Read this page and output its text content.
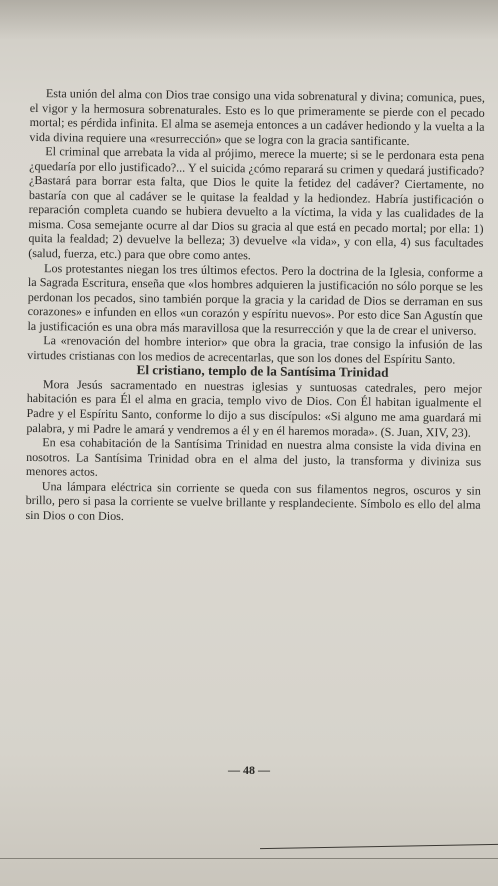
Esta unión del alma con Dios trae consigo una vida sobrenatural y divina; comunica, pues, el vigor y la hermosura sobrenaturales. Esto es lo que primeramente se pierde con el pecado mortal; es pérdida infinita. El alma se asemeja entonces a un cadáver hediondo y la vuelta a la vida divina requiere una «resurrección» que se logra con la gracia santificante.

El criminal que arrebata la vida al prójimo, merece la muerte; si se le perdonara esta pena ¿quedaría por ello justificado?... Y el suicida ¿cómo reparará su crimen y quedará justificado? ¿Bastará para borrar esta falta, que Dios le quite la fetidez del cadáver? Ciertamente, no bastaría con que al cadáver se le quitase la fealdad y la hediondez. Habría justificación o reparación completa cuando se hubiera devuelto a la víctima, la vida y las cualidades de la misma. Cosa semejante ocurre al dar Dios su gracia al que está en pecado mortal; por ella: 1) quita la fealdad; 2) devuelve la belleza; 3) devuelve «la vida», y con ella, 4) sus facultades (salud, fuerza, etc.) para que obre como antes.

Los protestantes niegan los tres últimos efectos. Pero la doctrina de la Iglesia, conforme a la Sagrada Escritura, enseña que «los hombres adquieren la justificación no sólo porque se les perdonan los pecados, sino también porque la gracia y la caridad de Dios se derraman en sus corazones» e infunden en ellos «un corazón y espíritu nuevos». Por esto dice San Agustín que la justificación es una obra más maravillosa que la resurrección y que la de crear el universo.

La «renovación del hombre interior» que obra la gracia, trae consigo la infusión de las virtudes cristianas con los medios de acrecentarlas, que son los dones del Espíritu Santo.

El cristiano, templo de la Santísima Trinidad

Mora Jesús sacramentado en nuestras iglesias y suntuosas catedrales, pero mejor habitación es para Él el alma en gracia, templo vivo de Dios. Con Él habitan igualmente el Padre y el Espíritu Santo, conforme lo dijo a sus discípulos: «Si alguno me ama guardará mi palabra, y mi Padre le amará y vendremos a él y en él haremos morada». (S. Juan, XIV, 23).

En esa cohabitación de la Santísima Trinidad en nuestra alma consiste la vida divina en nosotros. La Santísima Trinidad obra en el alma del justo, la transforma y diviniza sus menores actos.

Una lámpara eléctrica sin corriente se queda con sus filamentos negros, oscuros y sin brillo, pero si pasa la corriente se vuelve brillante y resplandeciente. Símbolo es ello del alma sin Dios o con Dios.

— 48 —
